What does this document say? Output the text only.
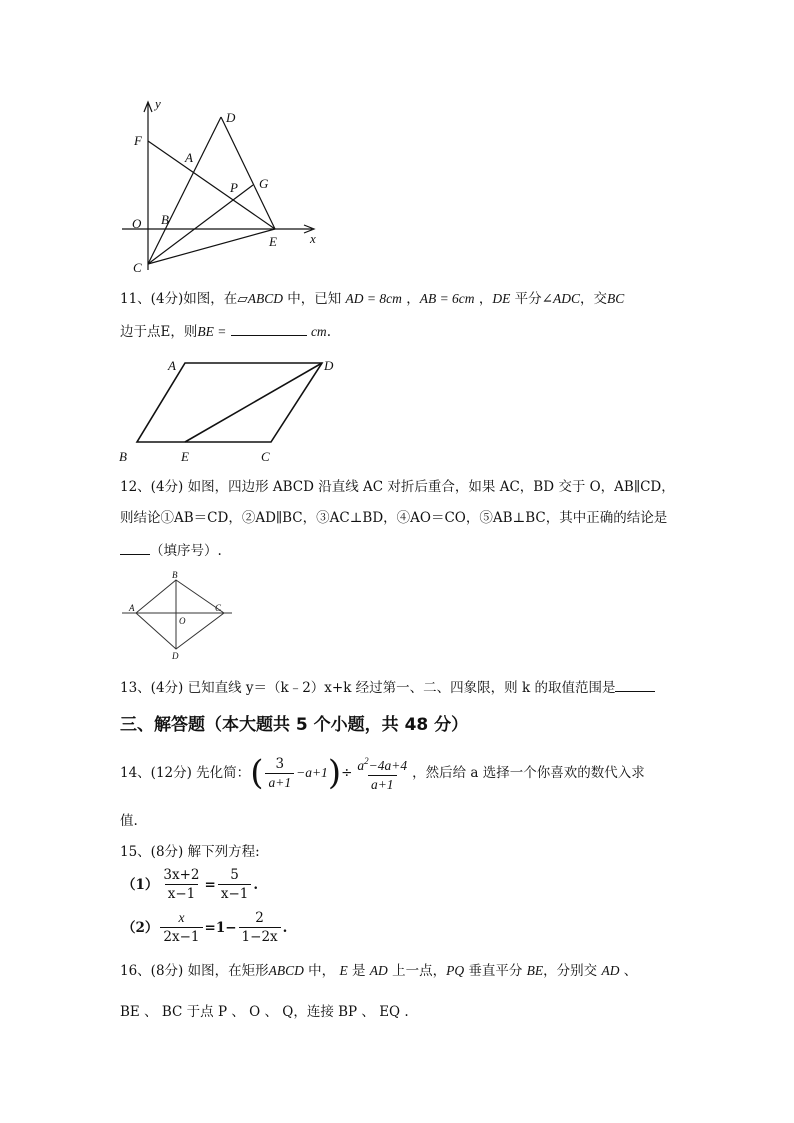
y
D
F
A
G
P
O B
E	x
C
11、(4分)如图，在▱ABCD 中，已知 AD = 8cm ，AB = 6cm ，DE 平分∠ADC，交BC
边于点E，则BE =	cm.
A	D
B	E	C
12、(4分) 如图，四边形 ABCD 沿直线 AC 对折后重合，如果 AC，BD 交于 O，AB∥CD，
则结论①AB＝CD，②AD∥BC，③AC⊥BD，④AO＝CO，⑤AB⊥BC，其中正确的结论是
（填序号）.
B
A	C
O
D
13、(4分) 已知直线 y＝（k﹣2）x+k 经过第一、二、四象限，则 k 的取值范围是
三、解答题（本大题共 5 个小题，共 48 分）
14、(12分) 先化简： ( $\frac{3}{a+1} -a+1$ ) ÷ $\frac{a^2-4a+4}{a+1}$ ，然后给 a 选择一个你喜欢的数代入求
值.
15、(8分) 解下列方程:
$(1) \frac{3x+2}{x-1} = \frac{5}{x-1}$ .
$(2) \frac{x}{2x-1} =1- \frac{2}{1-2x}$ .
16、(8分) 如图，在矩形ABCD 中， E 是 AD 上一点，PQ 垂直平分 BE，分别交 AD 、
BE 、 BC 于点 P 、 O 、 Q，连接 BP 、 EQ .
